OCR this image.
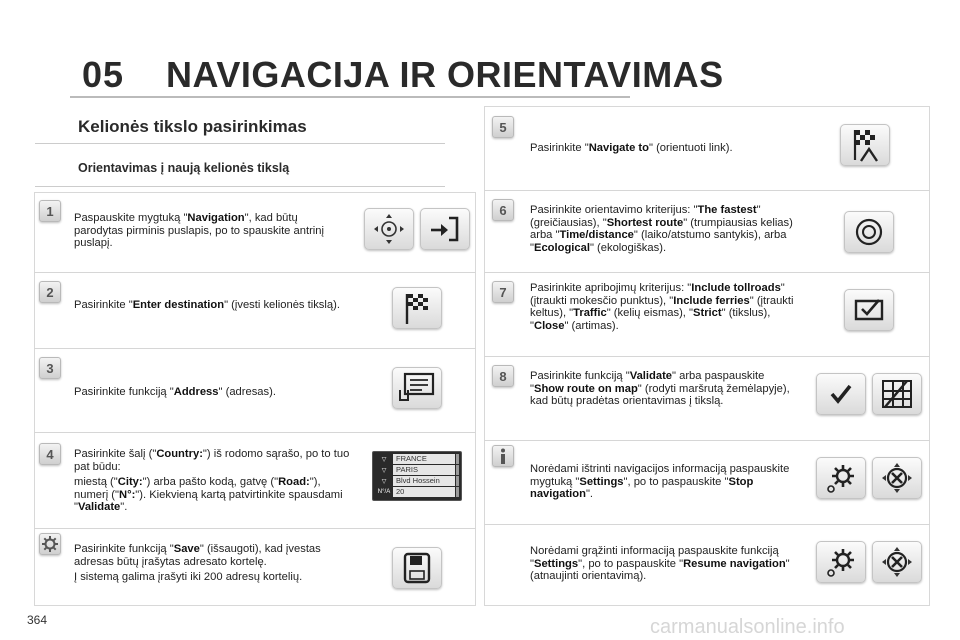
05 NAVIGACIJA IR ORIENTAVIMAS
Kelionės tikslo pasirinkimas
Orientavimas į naują kelionės tikslą
1	Paspauskite mygtuką "Navigation", kad būtų parodytas pirminis puslapis, po to spauskite antrinį puslapį.

2

Pasirinkite "Enter destination" (įvesti kelionės tikslą).

3

Pasirinkite funkciją "Address" (adresas).

4	Pasirinkite šalį ("Country:") iš rodomo sąrašo, po to tuo pat būdu:

miestą ("City:") arba pašto kodą, gatvę ("Road:"), numerį ("N°:"). Kiekvieną kartą patvirtinkite spausdami "Validate".

▽	FRANCE
▽	PARIS
▽	Blvd Hossein
N°/A 20

Pasirinkite funkciją "Save" (išsaugoti), kad įvestas adresas būtų įrašytas adresato kortelę.

Į sistemą galima įrašyti iki 200 adresų kortelių.

5

Pasirinkite "Navigate to" (orientuoti link).

6	Pasirinkite orientavimo kriterijus: "The fastest" (greičiausias), "Shortest route" (trumpiausias kelias) arba "Time/distance" (laiko/atstumo santykis), arba "Ecological" (ekologiškas).

7	Pasirinkite apribojimų kriterijus: "Include tollroads" (įtraukti mokesčio punktus), "Include ferries" (įtraukti keltus), "Traffic" (kelių eismas), "Strict" (tikslus), "Close" (artimas).

8	Pasirinkite funkciją "Validate" arba paspauskite "Show route on map" (rodyti maršrutą žemėlapyje), kad būtų pradėtas orientavimas į tikslą.

Norėdami ištrinti navigacijos informaciją paspauskite mygtuką "Settings", po to paspauskite "Stop navigation".

Norėdami grąžinti informaciją paspauskite funkciją "Settings", po to paspauskite "Resume navigation" (atnaujinti orientavimą).

364	carmanualsonline.info
